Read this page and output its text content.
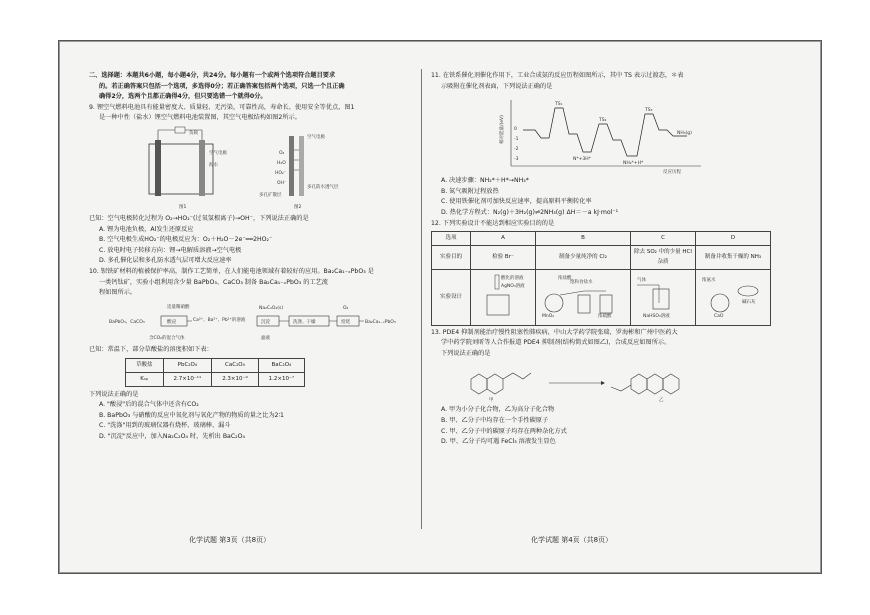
二、选择题：本题共6小题，每小题4分，共24分。每小题有一个或两个选项符合题目要求

的。若正确答案只包括一个选项，多选得0分；若正确答案包括两个选项，只选一个且正确

确得2分，选两个且都正确得4分，但只要选错一个就得0分。

9. 锂空气燃料电池具有能量密度大、质量轻、无污染，可靠性高，寿命长、使用安全等优点，图1

是一种中性（盐水）锂空气燃料电池装置图，其空气电极结构如图2所示。

负载
空气电极
海水
图1
O₂
H₂O
HO₂⁻
OH⁻
空气电极
多孔防水透气层
多孔扩散层
图2

已知：空气电极转化过程为 O₂→HO₂⁻(过氧氢根离子)→OH⁻，下列说法正确的是

A. 锂为电池负极，Al发生还原反应

B. 空气电极生成HO₂⁻的电极反应为：O₂＋H₂O－2e⁻══2HO₂⁻

C. 放电时电子转移方向：锂→电解质溶液→空气电极

D. 多孔催化层和多孔防水透气层可增大反应速率

10. 钡铁矿材料的植被保护率高，制作工艺简单，在人们能电池领域有着较好的应用。Ba₂Ca₁₋ₓPbO₃ 是

一类钙钛矿，实验小组利用含少量 BaPbO₃、CaCO₃ 制备 Ba₂Ca₁₋ₓPbO₃ 的工艺流

程如图所示。

适量稀硝酸
BaPbO₃、CaCO₃	酸浸	Ca²⁺、Ba²⁺、Pb²⁺的溶液	沉淀
Na₂C₂O₄(s)
洗涤、干燥	焙烧
O₂
Ba₂Ca₁₋ₓPbO₃
含CO₂的混合气体	滤液

已知：常温下，部分草酸盐的溶度积如下表：

草酸盐	PbC₂O₄	CaC₂O₄	BaC₂O₄
Kₛₚ	2.7×10⁻¹¹	2.3×10⁻⁹	1.2×10⁻⁷

下列说法正确的是

A. "酸浸"后的混合气体中还含有CO₂

B. BaPbO₃ 与硝酸的反应中氧化剂与氧化产物的物质的量之比为2∶1

C. "洗涤"用到的玻璃仪器有烧杯、玻璃棒、漏斗

D. "沉淀"反应中，加入Na₂C₂O₄ 时，先析出 BaC₂O₄

11. 在铁系催化剂催化作用下，工业合成氨的反应历程如图所示，其中 TS 表示过渡态，＊表

示吸附在催化剂表面，下列说法正确的是

相对能量/(eV)
反应历程
0
-1
-2
-3
TS₁
TS₂
TS₃
NH₃(g)
N*+3H*
NH₂*+H*

A. 决速步骤：NH₂*＋H*→NH₃*

B. 氮气吸附过程放热

C. 使用铁催化剂可加快反应速率，提高原料平衡转化率

D. 热化学方程式：N₂(g)＋3H₂(g)⇌2NH₃(g) ΔH＝－a kJ·mol⁻¹

12. 下列实验设计不能达到相应实验目的的是

选项	A	B	C	D
实验目的	检验 Br⁻	制备少量纯净的 Cl₂	除去 SO₂ 中的少量 HCl 杂质	制备并收集干燥的 NH₃
实验设计	酸化的溶液
AgNO₃溶液	浓盐酸
MnO₂
饱和食盐水
浓硫酸	气体
NaHSO₃溶液	浓氨水
碱石灰
CaO

13. PDE4 抑制剂能治疗慢性阻塞性肺疾病，中山大学药学院张瑞，罗海彬和广州中医药大

学中药学院刘昕等人合作报道 PDE4 抑制剂(结构简式如图乙)，合成反应如图所示。

下列说法正确的是

甲	乙

A. 甲为小分子化合物，乙为高分子化合物

B. 甲、乙分子中均存在一个手性碳原子

C. 甲、乙分子中的碳原子均存在两种杂化方式

D. 甲、乙分子均可遇 FeCl₃ 溶液发生显色

化学试题 第3页（共8页）	化学试题 第4页（共8页）
